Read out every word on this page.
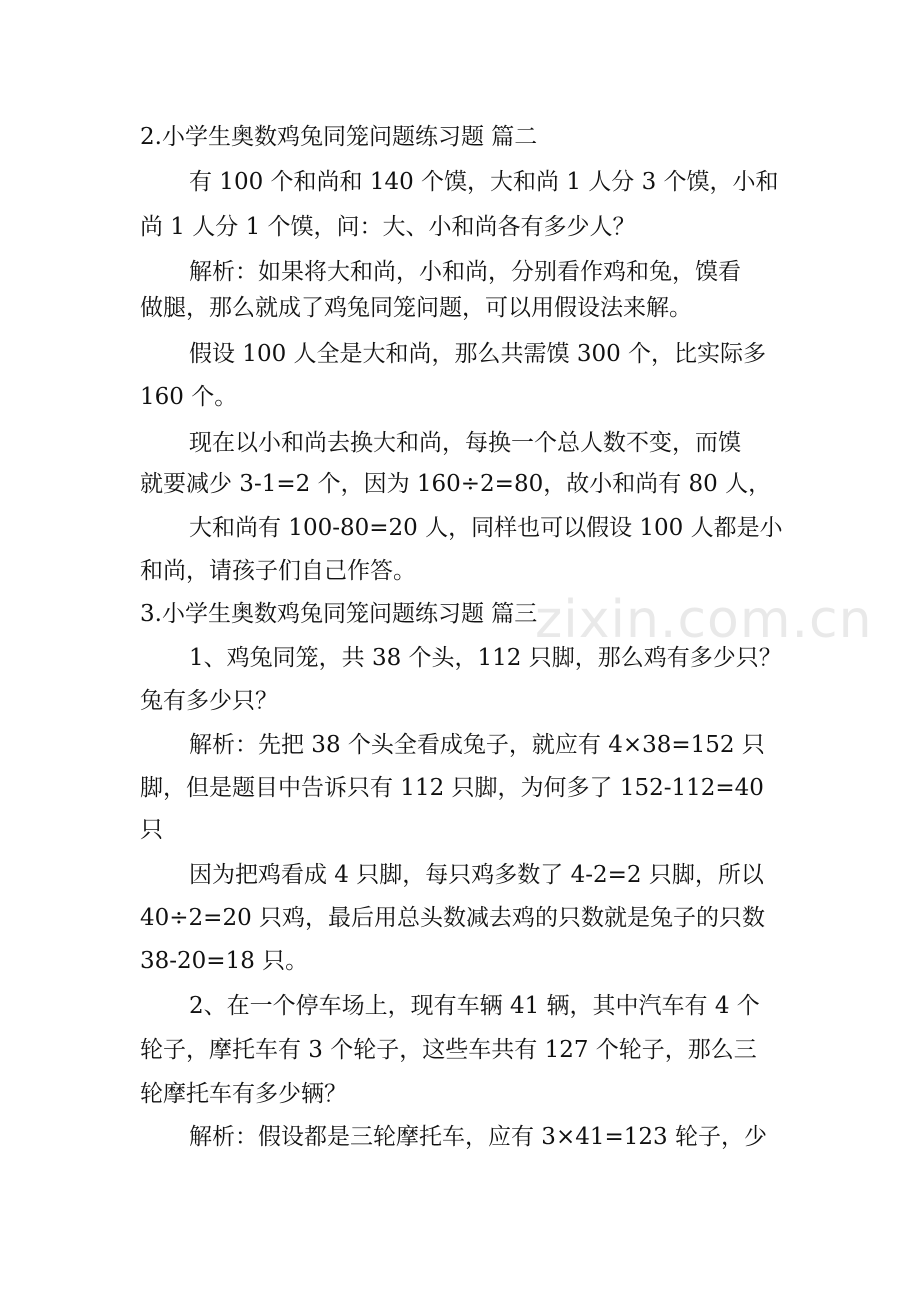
zixin.com.cn
2.小学生奥数鸡兔同笼问题练习题 篇二
有 100 个和尚和 140 个馍，大和尚 1 人分 3 个馍，小和
尚 1 人分 1 个馍，问：大、小和尚各有多少人？
解析：如果将大和尚，小和尚，分别看作鸡和兔，馍看
做腿，那么就成了鸡兔同笼问题，可以用假设法来解。
假设 100 人全是大和尚，那么共需馍 300 个，比实际多
160 个。
现在以小和尚去换大和尚，每换一个总人数不变，而馍
就要减少 3-1=2 个，因为 160÷2=80，故小和尚有 80 人，
大和尚有 100-80=20 人，同样也可以假设 100 人都是小
和尚，请孩子们自己作答。
3.小学生奥数鸡兔同笼问题练习题 篇三
1、鸡兔同笼，共 38 个头，112 只脚，那么鸡有多少只？
兔有多少只？
解析：先把 38 个头全看成兔子，就应有 4×38=152 只
脚，但是题目中告诉只有 112 只脚，为何多了 152-112=40
只
因为把鸡看成 4 只脚，每只鸡多数了 4-2=2 只脚，所以
40÷2=20 只鸡，最后用总头数减去鸡的只数就是兔子的只数
38-20=18 只。
2、在一个停车场上，现有车辆 41 辆，其中汽车有 4 个
轮子，摩托车有 3 个轮子，这些车共有 127 个轮子，那么三
轮摩托车有多少辆？
解析：假设都是三轮摩托车，应有 3×41=123 轮子，少
